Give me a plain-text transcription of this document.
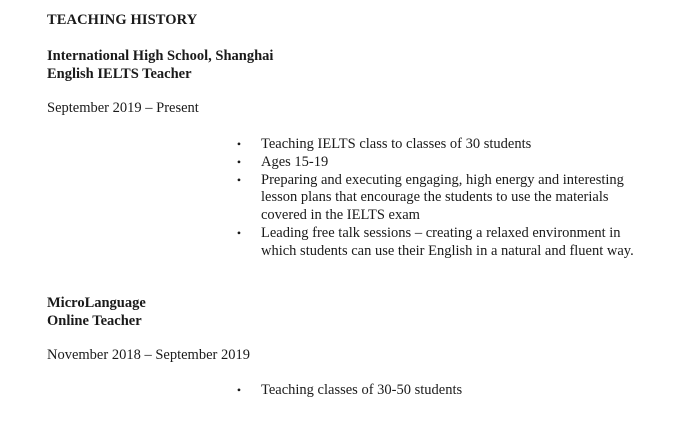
TEACHING HISTORY
International High School, Shanghai
English IELTS Teacher
September 2019 – Present
• Teaching IELTS class to classes of 30 students
• Ages 15-19
• Preparing and executing engaging, high energy and interesting lesson plans that encourage the students to use the materials covered in the IELTS exam
• Leading free talk sessions – creating a relaxed environment in which students can use their English in a natural and fluent way.
MicroLanguage
Online Teacher
November 2018 – September 2019
• Teaching classes of 30-50 students
